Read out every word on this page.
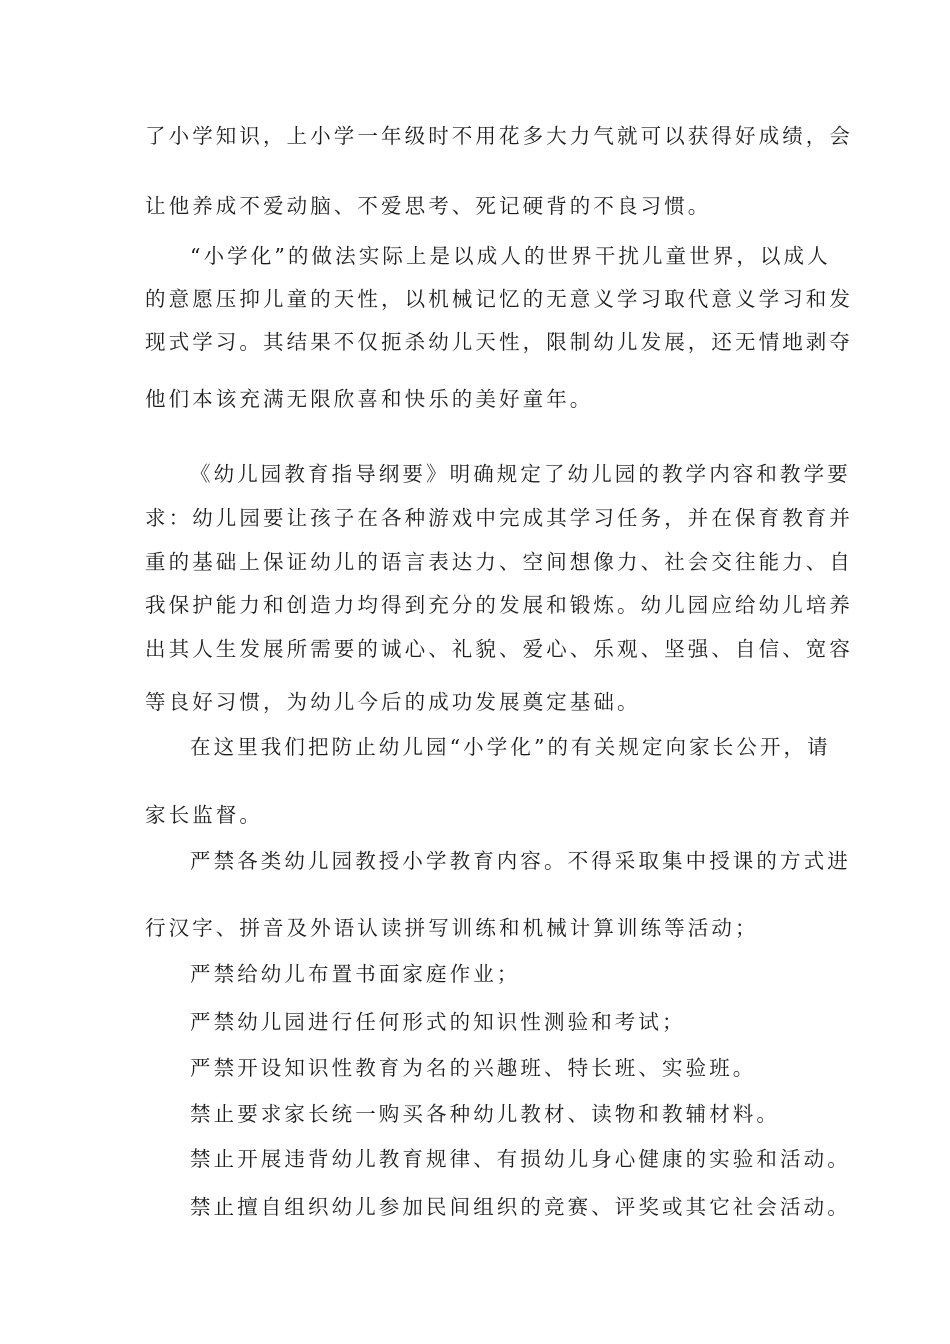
了小学知识，上小学一年级时不用花多大力气就可以获得好成绩，会

让他养成不爱动脑、不爱思考、死记硬背的不良习惯。

“小学化”的做法实际上是以成人的世界干扰儿童世界，以成人

的意愿压抑儿童的天性，以机械记忆的无意义学习取代意义学习和发

现式学习。其结果不仅扼杀幼儿天性，限制幼儿发展，还无情地剥夺

他们本该充满无限欣喜和快乐的美好童年。

《幼儿园教育指导纲要》明确规定了幼儿园的教学内容和教学要

求：幼儿园要让孩子在各种游戏中完成其学习任务，并在保育教育并

重的基础上保证幼儿的语言表达力、空间想像力、社会交往能力、自

我保护能力和创造力均得到充分的发展和锻炼。幼儿园应给幼儿培养

出其人生发展所需要的诚心、礼貌、爱心、乐观、坚强、自信、宽容

等良好习惯，为幼儿今后的成功发展奠定基础。

在这里我们把防止幼儿园“小学化”的有关规定向家长公开，请

家长监督。

严禁各类幼儿园教授小学教育内容。不得采取集中授课的方式进

行汉字、拼音及外语认读拼写训练和机械计算训练等活动；

严禁给幼儿布置书面家庭作业；

严禁幼儿园进行任何形式的知识性测验和考试；

严禁开设知识性教育为名的兴趣班、特长班、实验班。

禁止要求家长统一购买各种幼儿教材、读物和教辅材料。

禁止开展违背幼儿教育规律、有损幼儿身心健康的实验和活动。

禁止擅自组织幼儿参加民间组织的竞赛、评奖或其它社会活动。
